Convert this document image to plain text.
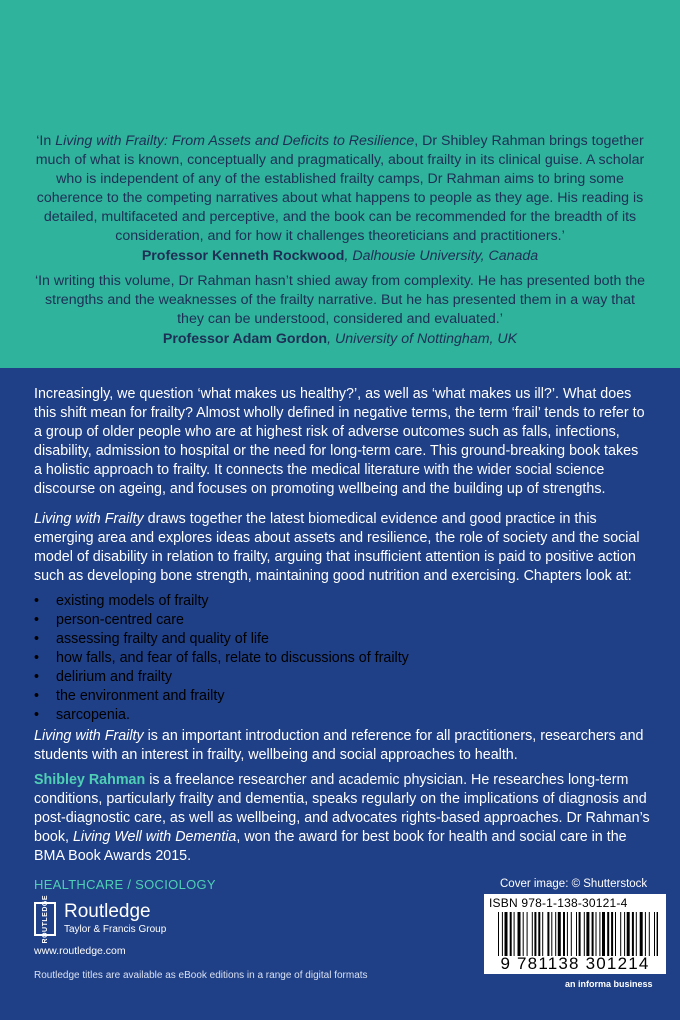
‘In Living with Frailty: From Assets and Deficits to Resilience, Dr Shibley Rahman brings together much of what is known, conceptually and pragmatically, about frailty in its clinical guise. A scholar who is independent of any of the established frailty camps, Dr Rahman aims to bring some coherence to the competing narratives about what happens to people as they age. His reading is detailed, multifaceted and perceptive, and the book can be recommended for the breadth of its consideration, and for how it challenges theoreticians and practitioners.’
Professor Kenneth Rockwood, Dalhousie University, Canada
‘In writing this volume, Dr Rahman hasn’t shied away from complexity. He has presented both the strengths and the weaknesses of the frailty narrative. But he has presented them in a way that they can be understood, considered and evaluated.’
Professor Adam Gordon, University of Nottingham, UK
Increasingly, we question ‘what makes us healthy?’, as well as ‘what makes us ill?’. What does this shift mean for frailty? Almost wholly defined in negative terms, the term ‘frail’ tends to refer to a group of older people who are at highest risk of adverse outcomes such as falls, infections, disability, admission to hospital or the need for long-term care. This ground-breaking book takes a holistic approach to frailty. It connects the medical literature with the wider social science discourse on ageing, and focuses on promoting wellbeing and the building up of strengths.
Living with Frailty draws together the latest biomedical evidence and good practice in this emerging area and explores ideas about assets and resilience, the role of society and the social model of disability in relation to frailty, arguing that insufficient attention is paid to positive action such as developing bone strength, maintaining good nutrition and exercising. Chapters look at:
• existing models of frailty
• person-centred care
• assessing frailty and quality of life
• how falls, and fear of falls, relate to discussions of frailty
• delirium and frailty
• the environment and frailty
• sarcopenia.
Living with Frailty is an important introduction and reference for all practitioners, researchers and students with an interest in frailty, wellbeing and social approaches to health.
Shibley Rahman is a freelance researcher and academic physician. He researches long-term conditions, particularly frailty and dementia, speaks regularly on the implications of diagnosis and post-diagnostic care, as well as wellbeing, and advocates rights-based approaches. Dr Rahman’s book, Living Well with Dementia, won the award for best book for health and social care in the BMA Book Awards 2015.
HEALTHCARE / SOCIOLOGY
ROUTLEDGE Routledge
Taylor & Francis Group
www.routledge.com
Routledge titles are available as eBook editions in a range of digital formats
Cover image: © Shutterstock
ISBN 978-1-138-30121-4
9 781138 301214
an informa business
